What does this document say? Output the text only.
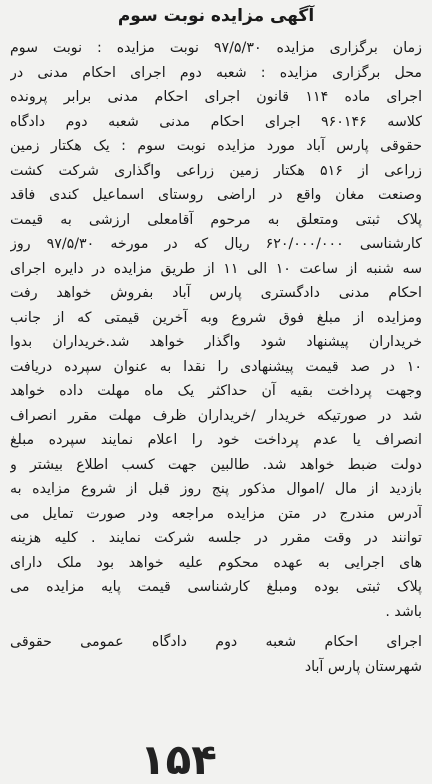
آگهی مزایده نوبت سوم
زمان برگزاری مزایده ۹۷/۵/۳۰ نوبت مزایده : نوبت سوم
محل برگزاری مزایده : شعبه دوم اجرای احکام مدنی در
اجرای ماده ۱۱۴ قانون اجرای احکام مدنی برابر پرونده
کلاسه ۹۶۰۱۴۶ اجرای احکام مدنی شعبه دوم دادگاه
حقوقی پارس آباد مورد مزایده نوبت سوم : یک هکتار زمین
زراعی از ۵۱۶ هکتار زمین زراعی واگذاری شرکت کشت
وصنعت مغان واقع در اراضی روستای اسماعیل کندی فاقد
پلاک ثبتی ومتعلق به مرحوم آقامعلی ارزشی به قیمت
کارشناسی ۶۲۰/۰۰۰/۰۰۰ ریال که در مورخه ۹۷/۵/۳۰ روز
سه شنبه از ساعت ۱۰ الی ۱۱ از طریق مزایده در دایره اجرای
احکام مدنی دادگستری پارس آباد بفروش خواهد رفت
ومزایده از مبلغ فوق شروع وبه آخرین قیمتی که از جانب
خریداران پیشنهاد شود واگذار خواهد شد.خریداران بدوا
۱۰ در صد قیمت پیشنهادی را نقدا به عنوان سپرده دریافت
وجهت پرداخت بقیه آن حداکثر یک ماه مهلت داده خواهد
شد در صورتیکه خریدار /خریداران ظرف مهلت مقرر انصراف
انصراف یا عدم پرداخت خود را اعلام نمایند سپرده مبلغ
دولت ضبط خواهد شد. طالبین جهت کسب اطلاع بیشتر و
بازدید از مال /اموال مذکور پنج روز قبل از شروع مزایده به
آدرس مندرج در متن مزایده مراجعه ودر صورت تمایل می
توانند در وقت مقرر در جلسه شرکت نمایند . کلیه هزینه
های اجرایی به عهده محکوم علیه خواهد بود ملک دارای
پلاک ثبتی بوده ومبلغ کارشناسی قیمت پایه مزایده می
باشد .
اجرای احکام شعبه دوم دادگاه عمومی حقوقی
شهرستان پارس آباد
۱۵۴
